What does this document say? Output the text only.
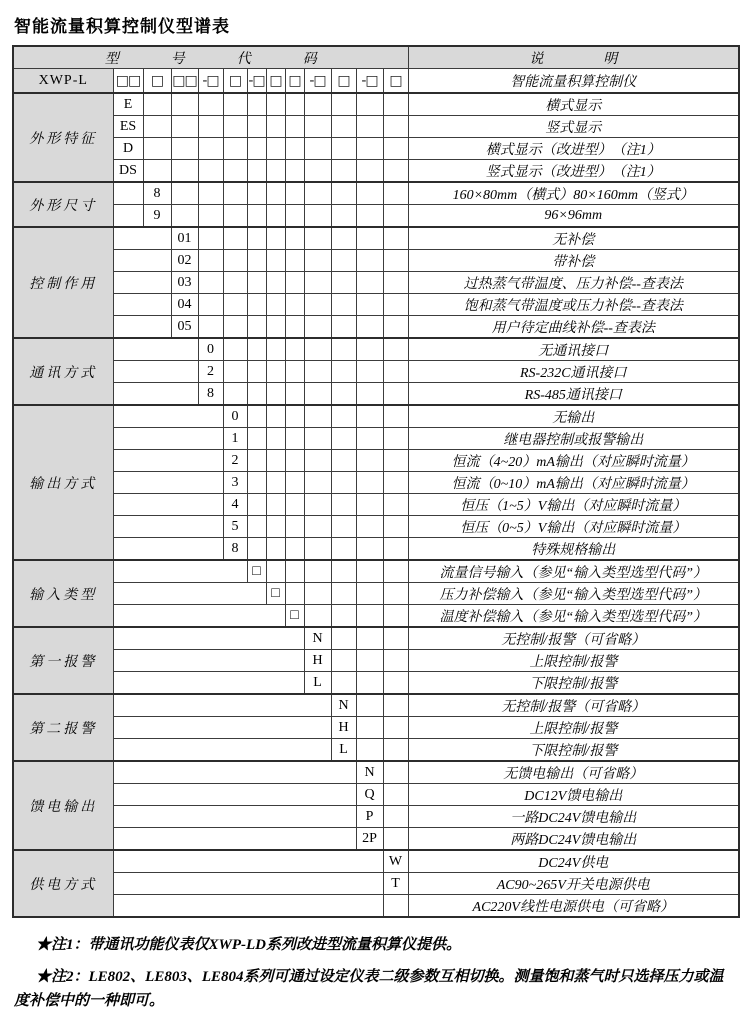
智能流量积算控制仪型谱表
型号代码													说明
XWP-L	□□	□	□□	-□	□	-□	□	□	-□	□	-□	□	智能流量积算控制仪
外形特征	E												横式显示
	ES												竖式显示
	D												横式显示（改进型）　（注1）
	DS												竖式显示（改进型）　（注1）
外形尺寸		8											160×80mm（横式）80×160mm（竖式）
		9											96×96mm
控制作用			01										无补偿
			02										带补偿
			03										过热蒸气带温度、压力补偿--查表法
			04										饱和蒸气带温度或压力补偿--查表法
			05										用户待定曲线补偿--查表法
通讯方式				0									无通讯接口
				2									RS-232C通讯接口
				8									RS-485通讯接口
输出方式					0								无输出
					1								继电器控制或报警输出
					2								恒流（4~20）mA输出（对应瞬时流量）
					3								恒流（0~10）mA输出（对应瞬时流量）
					4								恒压（1~5）V输出（对应瞬时流量）
					5								恒压（0~5）V输出（对应瞬时流量）
					8								特殊规格输出
输入类型						□							流量信号输入（参见“输入类型选型代码”）
							□						压力补偿输入（参见“输入类型选型代码”）
								□					温度补偿输入（参见“输入类型选型代码”）
第一报警									N				无控制/报警（可省略）
									H				上限控制/报警
									L				下限控制/报警
第二报警										N			无控制/报警（可省略）
										H			上限控制/报警
										L			下限控制/报警
馈电输出											N		无馈电输出（可省略）
											Q		DC12V馈电输出
											P		一路DC24V馈电输出
											2P		两路DC24V馈电输出
供电方式												W	DC24V供电
												T	AC90~265V开关电源供电
													AC220V线性电源供电（可省略）

★注1：带通讯功能仪表仅XWP-LD系列改进型流量积算仪提供。

★注2：LE802、LE803、LE804系列可通过设定仪表二级参数互相切换。测量饱和蒸气时只选择压力或温度补偿中的一种即可。
